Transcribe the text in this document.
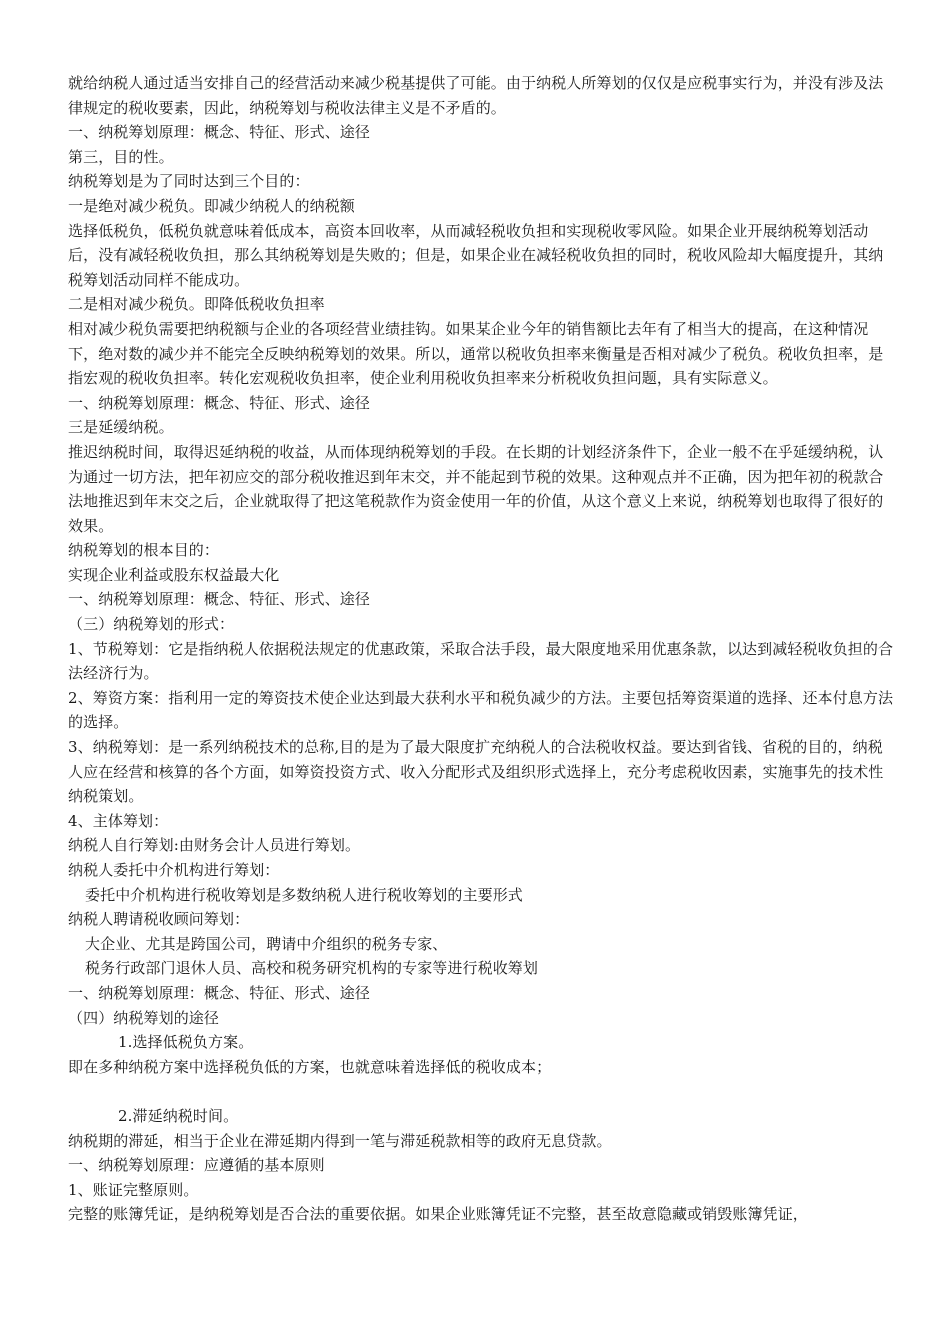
就给纳税人通过适当安排自己的经营活动来减少税基提供了可能。由于纳税人所筹划的仅仅是应税事实行为，并没有涉及法律规定的税收要素，因此，纳税筹划与税收法律主义是不矛盾的。

一、纳税筹划原理：概念、特征、形式、途径

第三，目的性。

纳税筹划是为了同时达到三个目的：

一是绝对减少税负。即减少纳税人的纳税额

选择低税负，低税负就意味着低成本，高资本回收率，从而减轻税收负担和实现税收零风险。如果企业开展纳税筹划活动后，没有减轻税收负担，那么其纳税筹划是失败的；但是，如果企业在减轻税收负担的同时，税收风险却大幅度提升，其纳税筹划活动同样不能成功。

二是相对减少税负。即降低税收负担率

相对减少税负需要把纳税额与企业的各项经营业绩挂钩。如果某企业今年的销售额比去年有了相当大的提高，在这种情况下，绝对数的减少并不能完全反映纳税筹划的效果。所以，通常以税收负担率来衡量是否相对减少了税负。税收负担率，是指宏观的税收负担率。转化宏观税收负担率，使企业利用税收负担率来分析税收负担问题，具有实际意义。

一、纳税筹划原理：概念、特征、形式、途径

三是延缓纳税。

推迟纳税时间，取得迟延纳税的收益，从而体现纳税筹划的手段。在长期的计划经济条件下，企业一般不在乎延缓纳税，认为通过一切方法，把年初应交的部分税收推迟到年末交，并不能起到节税的效果。这种观点并不正确，因为把年初的税款合法地推迟到年末交之后，企业就取得了把这笔税款作为资金使用一年的价值，从这个意义上来说，纳税筹划也取得了很好的效果。

纳税筹划的根本目的：

实现企业利益或股东权益最大化

一、纳税筹划原理：概念、特征、形式、途径

（三）纳税筹划的形式：

1、节税筹划：它是指纳税人依据税法规定的优惠政策，采取合法手段，最大限度地采用优惠条款，以达到减轻税收负担的合法经济行为。

2、筹资方案：指利用一定的筹资技术使企业达到最大获利水平和税负减少的方法。主要包括筹资渠道的选择、还本付息方法的选择。

3、纳税筹划：是一系列纳税技术的总称,目的是为了最大限度扩充纳税人的合法税收权益。要达到省钱、省税的目的，纳税人应在经营和核算的各个方面，如筹资投资方式、收入分配形式及组织形式选择上，充分考虑税收因素，实施事先的技术性纳税策划。

4、主体筹划：

纳税人自行筹划:由财务会计人员进行筹划。

纳税人委托中介机构进行筹划：

委托中介机构进行税收筹划是多数纳税人进行税收筹划的主要形式

纳税人聘请税收顾问筹划：

大企业、尤其是跨国公司，聘请中介组织的税务专家、

税务行政部门退休人员、高校和税务研究机构的专家等进行税收筹划

一、纳税筹划原理：概念、特征、形式、途径

（四）纳税筹划的途径

1.选择低税负方案。

即在多种纳税方案中选择税负低的方案，也就意味着选择低的税收成本；

2.滞延纳税时间。

纳税期的滞延，相当于企业在滞延期内得到一笔与滞延税款相等的政府无息贷款。

一、纳税筹划原理：应遵循的基本原则

1、账证完整原则。

完整的账簿凭证，是纳税筹划是否合法的重要依据。如果企业账簿凭证不完整，甚至故意隐藏或销毁账簿凭证，
